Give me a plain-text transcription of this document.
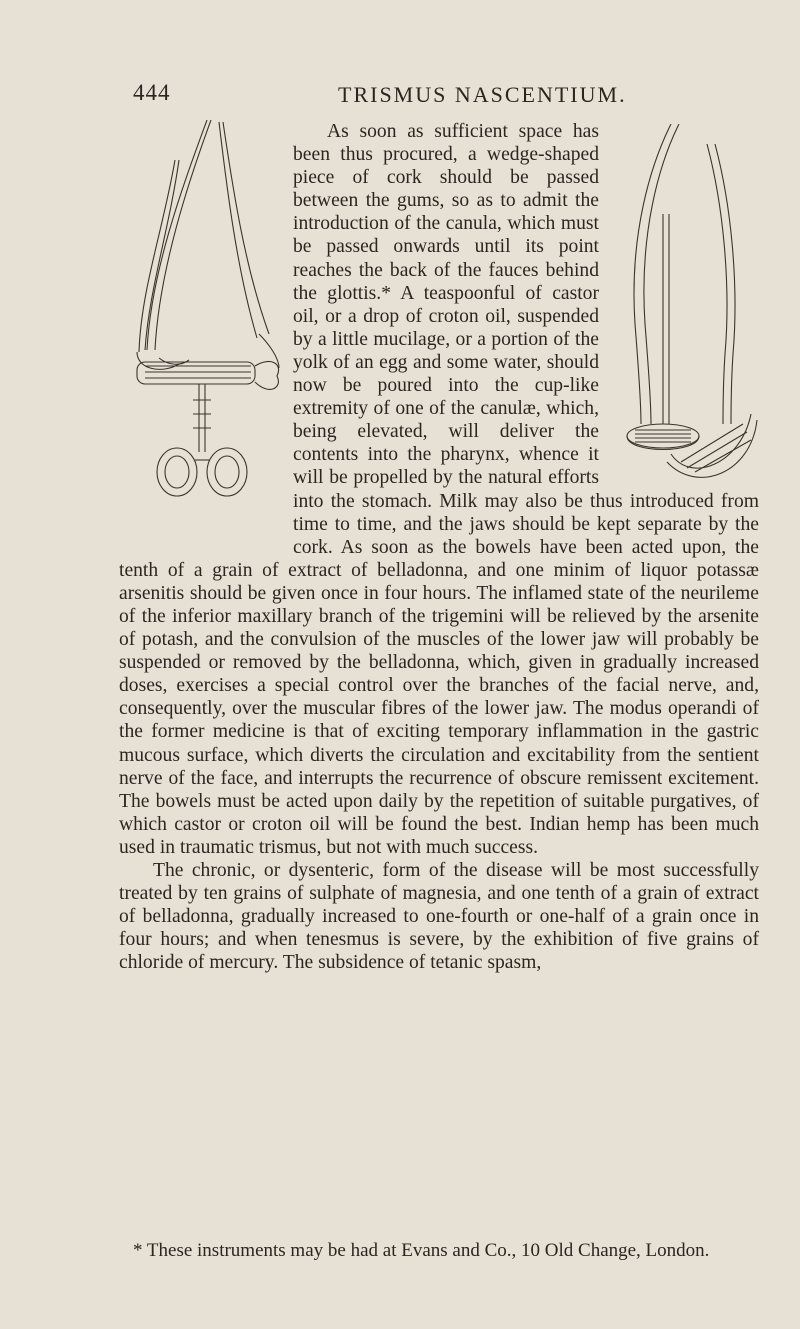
444	TRISMUS NASCENTIUM.

As soon as sufficient space has been thus procured, a wedge-shaped piece of cork should be passed between the gums, so as to admit the introduction of the canula, which must be passed onwards until its point reaches the back of the fauces behind the glottis.* A teaspoonful of castor oil, or a drop of croton oil, suspended by a little mucilage, or a portion of the yolk of an egg and some water, should now be poured into the cup-like extremity of one of the canulæ, which, being elevated, will deliver the contents into the pharynx, whence it will be propelled by the natural efforts into the stomach. Milk may also be thus introduced from time to time, and the jaws should be kept separate by the cork. As soon as the bowels have been acted upon, the tenth of a grain of extract of belladonna, and one minim of liquor potassæ arsenitis should be given once in four hours. The inflamed state of the neurileme of the inferior maxillary branch of the trigemini will be relieved by the arsenite of potash, and the convulsion of the muscles of the lower jaw will probably be suspended or removed by the belladonna, which, given in gradually increased doses, exercises a special control over the branches of the facial nerve, and, consequently, over the muscular fibres of the lower jaw. The modus operandi of the former medicine is that of exciting temporary inflammation in the gastric mucous surface, which diverts the circulation and excitability from the sentient nerve of the face, and interrupts the recurrence of obscure remissent excitement. The bowels must be acted upon daily by the repetition of suitable purgatives, of which castor or croton oil will be found the best. Indian hemp has been much used in traumatic trismus, but not with much success.

The chronic, or dysenteric, form of the disease will be most successfully treated by ten grains of sulphate of magnesia, and one tenth of a grain of extract of belladonna, gradually increased to one-fourth or one-half of a grain once in four hours; and when tenesmus is severe, by the exhibition of five grains of chloride of mercury. The subsidence of tetanic spasm,

* These instruments may be had at Evans and Co., 10 Old Change, London.
